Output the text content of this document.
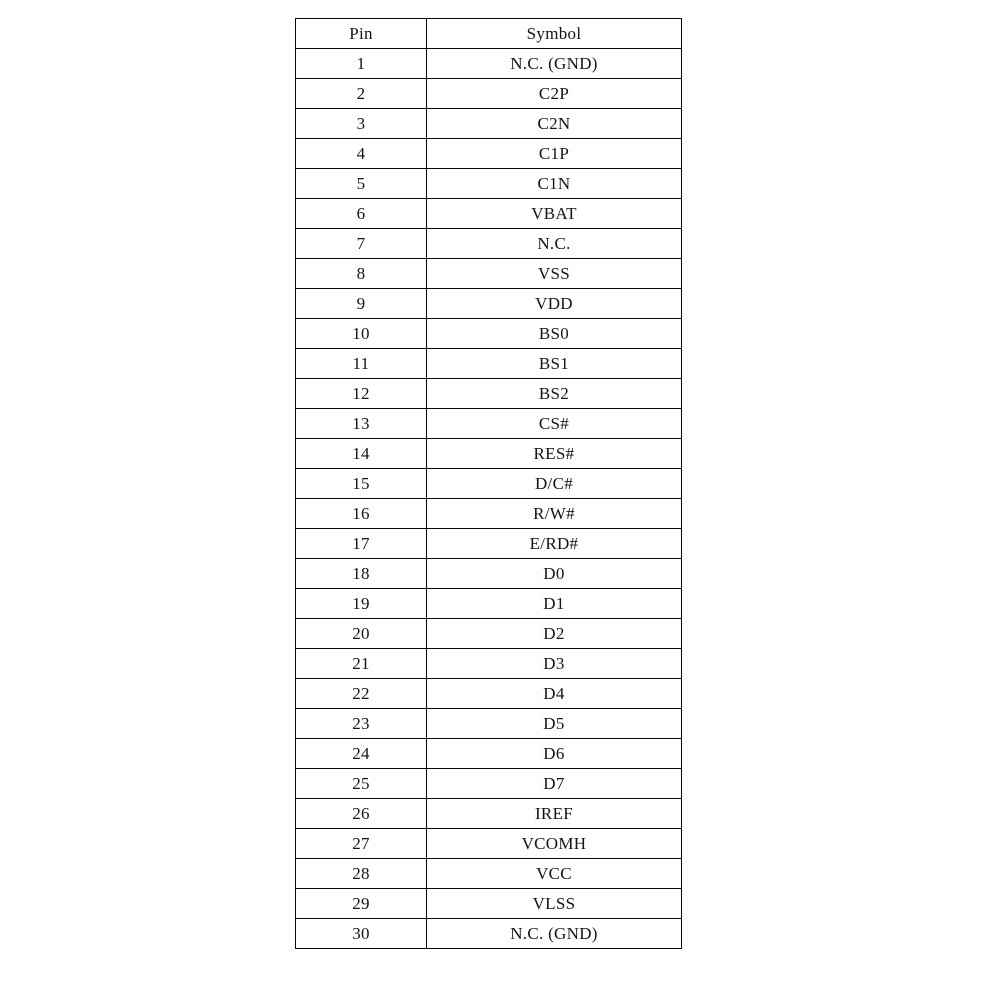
Pin	Symbol
1	N.C. (GND)
2	C2P
3	C2N
4	C1P
5	C1N
6	VBAT
7	N.C.
8	VSS
9	VDD
10	BS0
11	BS1
12	BS2
13	CS#
14	RES#
15	D/C#
16	R/W#
17	E/RD#
18	D0
19	D1
20	D2
21	D3
22	D4
23	D5
24	D6
25	D7
26	IREF
27	VCOMH
28	VCC
29	VLSS
30	N.C. (GND)
